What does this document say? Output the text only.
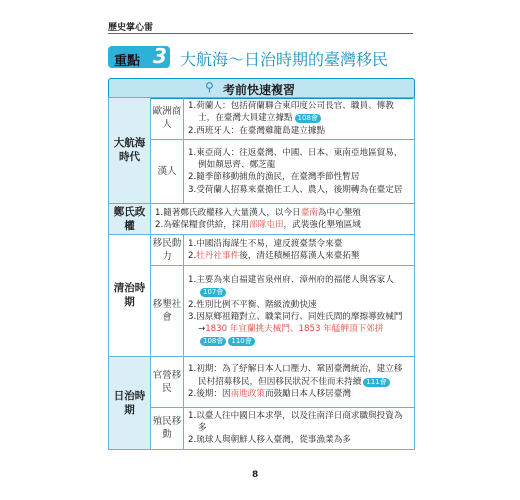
歷史掌心雷
重點 3 大航海～日治時期的臺灣移民
⚲ 考前快速複習
大航海時代	歐洲商人	1.荷蘭人：包括荷蘭聯合東印度公司長官、職員、傳教士，在臺灣大員建立據點 108會
2.西班牙人：在臺灣雞籠島建立據點

	漢人	1.東亞商人：往返臺灣、中國、日本、東南亞地區貿易，例如顏思齊、鄭芝龍
2.隨季節移動捕魚的漁民，在臺灣季節性暫居
3.受荷蘭人招募來臺擔任工人、農人，後期轉為在臺定居

鄭氏政權	1.隨著鄭氏政權移入大量漢人，以今日臺南為中心墾殖
2.為確保糧食供給，採用部隊屯田，武裝強化墾殖區域	

清治時期	移民動力	1.中國沿海謀生不易，違反渡臺禁令來臺
2.牡丹社事件後，清廷積極招募漢人來臺拓墾

	移墾社會	1.主要為來自福建省泉州府、漳州府的福佬人與客家人107會
2.性別比例不平衡、階級流動快速
3.因原鄉祖籍對立、職業同行、同姓氏間的摩擦導致械鬥
→1830 年宜蘭挑夫械鬥、1853 年艋舺頂下郊拼108會 110會

日治時期	官營移民	1.初期：為了紓解日本人口壓力、鞏固臺灣統治，建立移民村招募移民，但因移民狀況不佳而未持續 111會
2.後期：因南進政策而鼓勵日本人移居臺灣

	殖民移動	1.以臺人往中國日本求學，以及往南洋日商求職與投資為多
2.琉球人與朝鮮人移入臺灣，從事漁業為多
8
